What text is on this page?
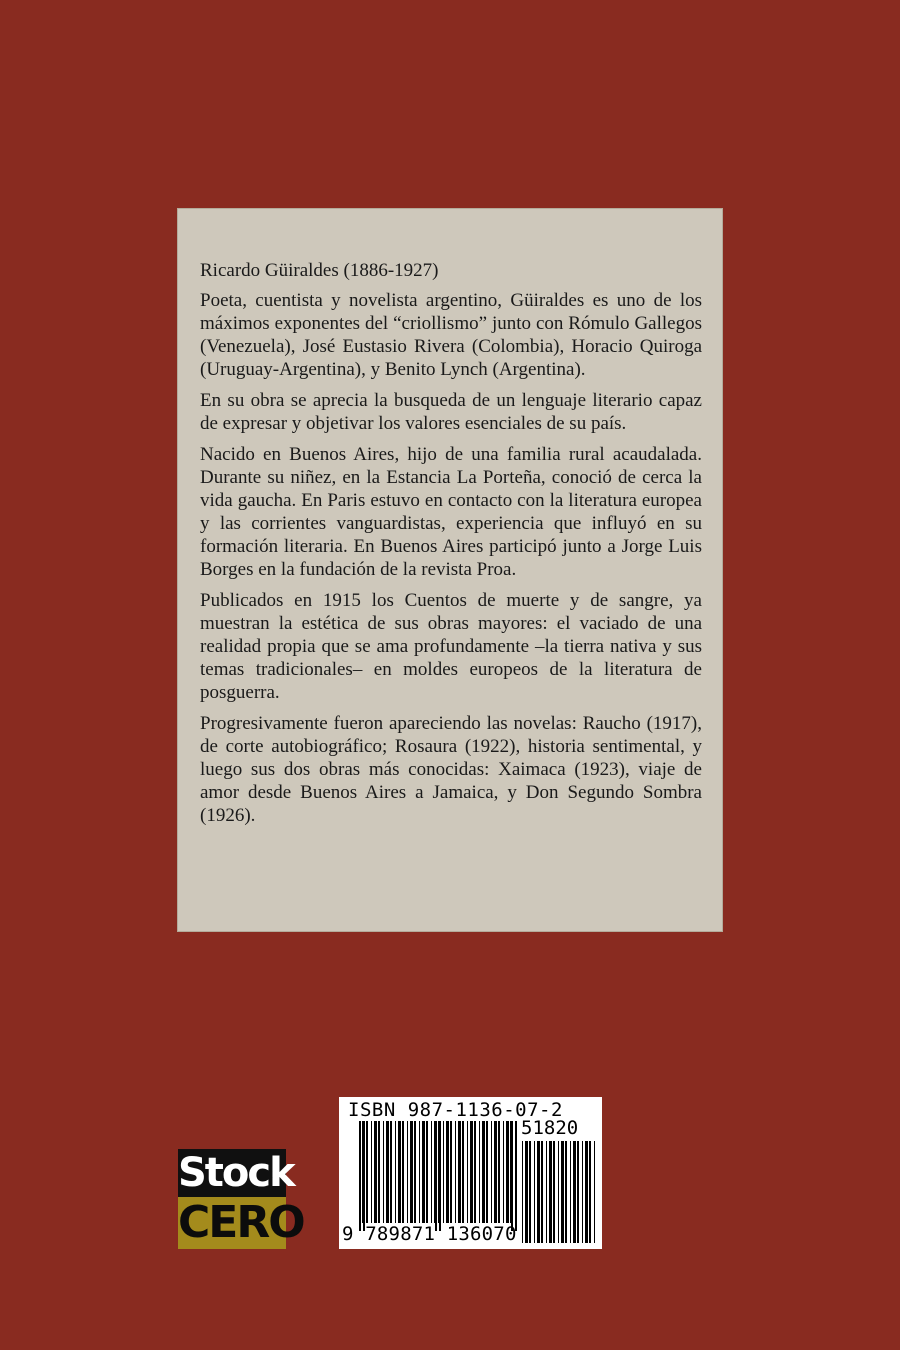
Ricardo Güiraldes (1886-1927)

Poeta, cuentista y novelista argentino, Güiraldes es uno de los máximos exponentes del “criollismo” junto con Rómulo Gallegos (Venezuela), José Eustasio Rivera (Colombia), Horacio Quiroga (Uruguay-Argentina), y Benito Lynch (Argentina).

En su obra se aprecia la busqueda de un lenguaje literario capaz de expresar y objetivar los valores esenciales de su país.

Nacido en Buenos Aires, hijo de una familia rural acaudalada. Durante su niñez, en la Estancia La Porteña, conoció de cerca la vida gaucha. En Paris estuvo en contacto con la literatura europea y las corrientes vanguardistas, experiencia que influyó en su formación literaria. En Buenos Aires participó junto a Jorge Luis Borges en la fundación de la revista Proa.

Publicados en 1915 los Cuentos de muerte y de sangre, ya muestran la estética de sus obras mayores: el vaciado de una realidad propia que se ama profundamente –la tierra nativa y sus temas tradicionales– en moldes europeos de la literatura de posguerra.

Progresivamente fueron apareciendo las novelas: Raucho (1917), de corte autobiográfico; Rosaura (1922), historia sentimental, y luego sus dos obras más conocidas: Xaimaca (1923), viaje de amor desde Buenos Aires a Jamaica, y Don Segundo Sombra (1926).

Stock
CERO
ISBN 987-1136-07-2
51820
9 789871 136070
